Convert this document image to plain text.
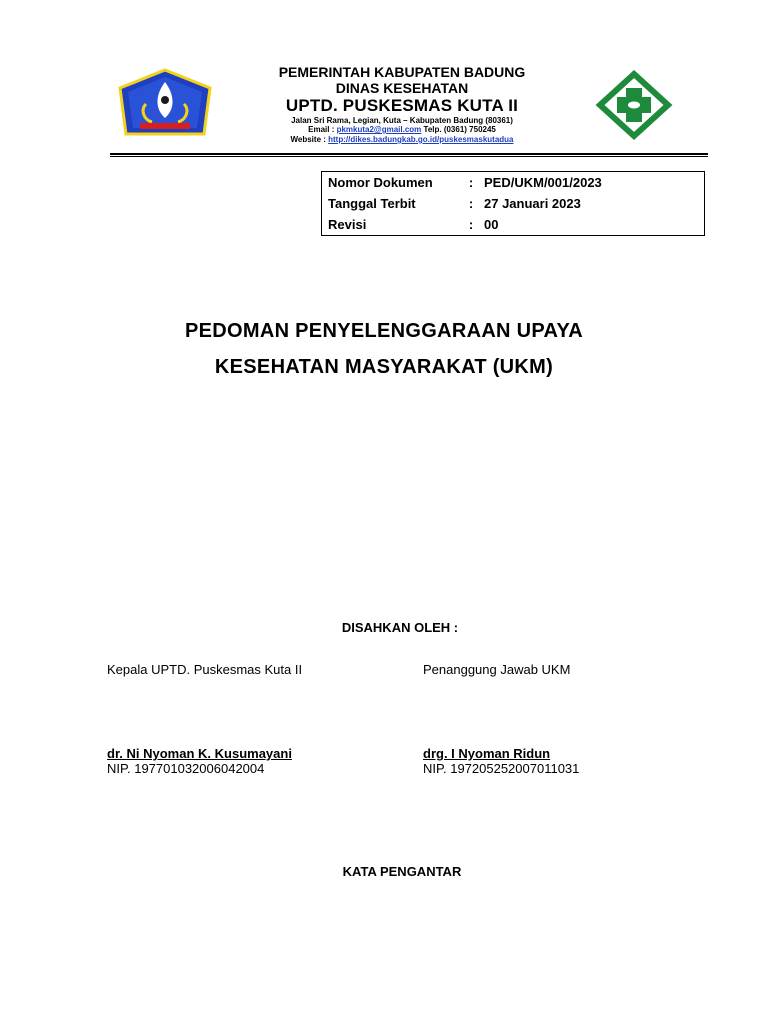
PEMERINTAH KABUPATEN BADUNG
DINAS KESEHATAN
UPTD. PUSKESMAS KUTA II
Jalan Sri Rama, Legian, Kuta – Kabupaten Badung (80361)
Email : pkmkuta2@gmail.com Telp. (0361) 750245
Website : http://dikes.badungkab.go.id/puskesmaskutadua
Nomor Dokumen	:	PED/UKM/001/2023
Tanggal Terbit	:	27 Januari 2023
Revisi	:	00
PEDOMAN PENYELENGGARAAN UPAYA
KESEHATAN MASYARAKAT (UKM)
DISAHKAN OLEH :
Kepala UPTD. Puskesmas Kuta II	Penanggung Jawab UKM
dr. Ni Nyoman K. Kusumayani	drg. I Nyoman Ridun
NIP. 197701032006042004	NIP. 197205252007011031
KATA PENGANTAR
